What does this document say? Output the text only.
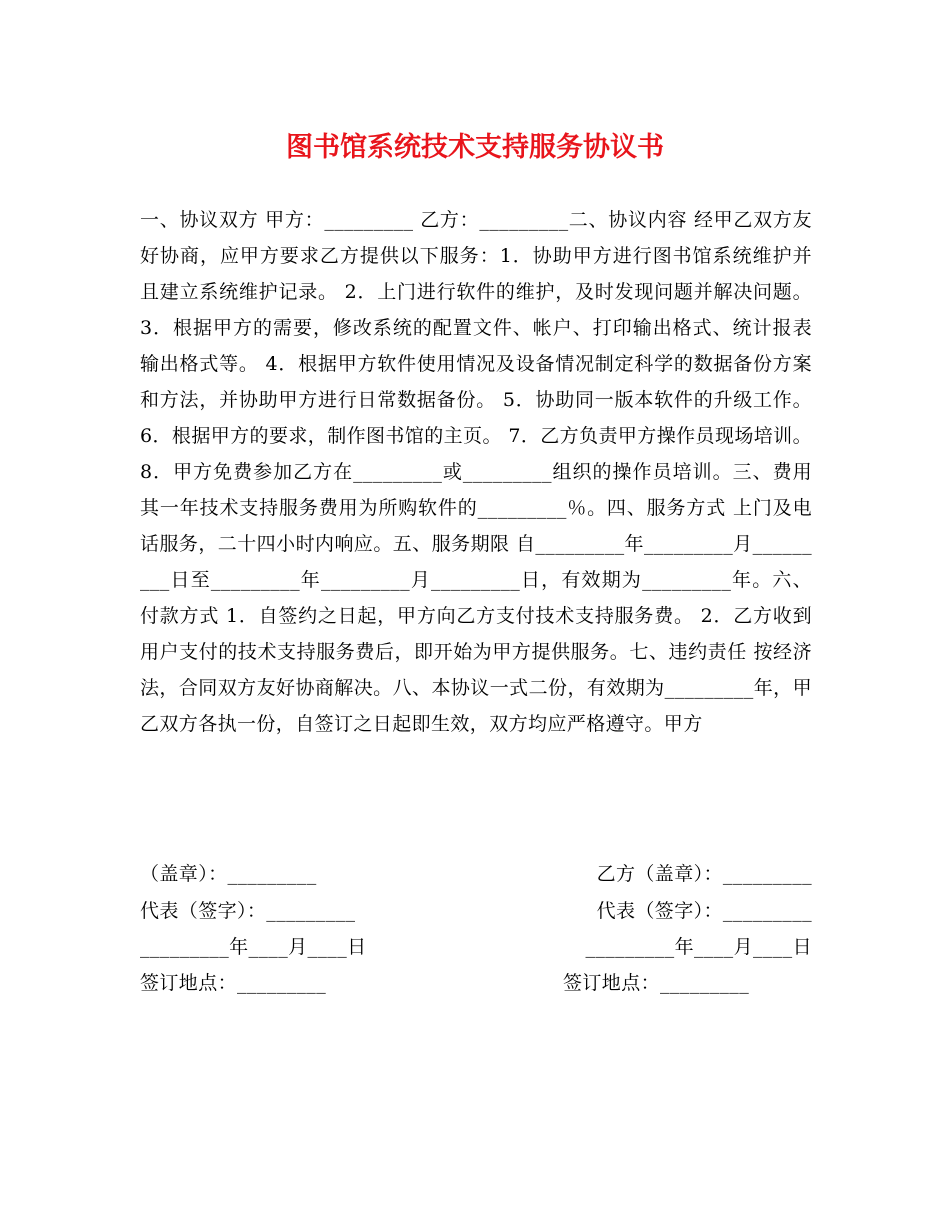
图书馆系统技术支持服务协议书
一、协议双方 甲方：_________ 乙方：_________二、协议内容 经甲乙双方友好协商，应甲方要求乙方提供以下服务：1．协助甲方进行图书馆系统维护并且建立系统维护记录。 2．上门进行软件的维护，及时发现问题并解决问题。 3．根据甲方的需要，修改系统的配置文件、帐户、打印输出格式、统计报表输出格式等。 4．根据甲方软件使用情况及设备情况制定科学的数据备份方案和方法，并协助甲方进行日常数据备份。 5．协助同一版本软件的升级工作。 6．根据甲方的要求，制作图书馆的主页。 7．乙方负责甲方操作员现场培训。 8．甲方免费参加乙方在_________或_________组织的操作员培训。三、费用 其一年技术支持服务费用为所购软件的_________％。四、服务方式 上门及电话服务，二十四小时内响应。五、服务期限 自_________年_________月_________日至_________年_________月_________日，有效期为_________年。六、付款方式 1．自签约之日起，甲方向乙方支付技术支持服务费。 2．乙方收到用户支付的技术支持服务费后，即开始为甲方提供服务。七、违约责任 按经济法，合同双方友好协商解决。八、本协议一式二份，有效期为_________年，甲乙双方各执一份，自签订之日起即生效，双方均应严格遵守。甲方
（盖章）：_________	乙方（盖章）：_________
代表（签字）：_________	代表（签字）：_________
_________年____月____日	_________年____月____日
签订地点：_________	签订地点：_________
